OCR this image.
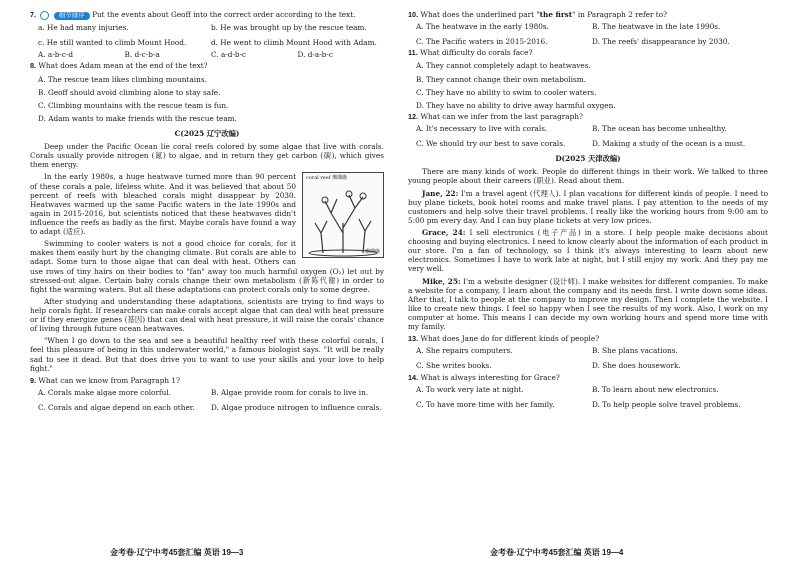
7.	细节排序 Put the events about Geoff into the correct order according to the text.
a. He had many injuries.	b. He was brought up by the rescue team.
c. He still wanted to climb Mount Hood.	d. He went to climb Mount Hood with Adam.
A. a-b-c-d	B. d-c-b-a	C. a-d-b-c	D. d-a-b-c
8. What does Adam mean at the end of the text?
A. The rescue team likes climbing mountains.
B. Geoff should avoid climbing alone to stay safe.
C. Climbing mountains with the rescue team is fun.
D. Adam wants to make friends with the rescue team.
C(2025 辽宁改编)

Deep under the Pacific Ocean lie coral reefs colored by some algae that live with corals. Corals usually provide nitrogen (氮) to algae, and in return they get carbon (碳), which gives them energy.

coral reef 珊瑚礁
珊瑚礁

In the early 1980s, a huge heatwave turned more than 90 percent of these corals a pale, lifeless white. And it was believed that about 50 percent of reefs with bleached corals might disappear by 2030. Heatwaves warmed up the same Pacific waters in the late 1990s and again in 2015-2016, but scientists noticed that these heatwaves didn't influence the reefs as badly as the first. Maybe corals have found a way to adapt (适应).

Swimming to cooler waters is not a good choice for corals, for it makes them easily hurt by the changing climate. But corals are able to adapt. Some turn to those algae that can deal with heat. Others can use rows of tiny hairs on their bodies to "fan" away too much harmful oxygen (O₂) let out by stressed-out algae. Certain baby corals change their own metabolism (新陈代谢) in order to fight the warming waters. But all these adaptations can protect corals only to some degree.

After studying and understanding these adaptations, scientists are trying to find ways to help corals fight. If researchers can make corals accept algae that can deal with heat pressure or if they energize genes (基因) that can deal with heat pressure, it will raise the corals' chance of living through future ocean heatwaves.

"When I go down to the sea and see a beautiful healthy reef with these colorful corals, I feel this pleasure of being in this underwater world," a famous biologist says. "It will be really sad to see it dead. But that does drive you to want to use your skills and your love to help fight."

9. What can we know from Paragraph 1?
A. Corals make algae more colorful.	B. Algae provide room for corals to live in.
C. Corals and algae depend on each other.	D. Algae produce nitrogen to influence corals.
金考卷·辽宁中考45套汇编 英语 19—3
10. What does the underlined part "the first" in Paragraph 2 refer to?
A. The heatwave in the early 1980s.	B. The heatwave in the late 1990s.
C. The Pacific waters in 2015-2016.	D. The reefs' disappearance by 2030.
11. What difficulty do corals face?
A. They cannot completely adapt to heatwaves.
B. They cannot change their own metabolism.
C. They have no ability to swim to cooler waters.
D. They have no ability to drive away harmful oxygen.
12. What can we infer from the last paragraph?
A. It's necessary to live with corals.	B. The ocean has become unhealthy.
C. We should try our best to save corals.	D. Making a study of the ocean is a must.
D(2025 天津改编)

There are many kinds of work. People do different things in their work. We talked to three young people about their careers (职业). Read about them.

Jane, 22: I'm a travel agent (代理人). I plan vacations for different kinds of people. I need to buy plane tickets, book hotel rooms and make travel plans. I pay attention to the needs of my customers and help solve their travel problems. I really like the working hours from 9:00 am to 5:00 pm every day. And I can buy plane tickets at very low prices.

Grace, 24: I sell electronics (电子产品) in a store. I help people make decisions about choosing and buying electronics. I need to know clearly about the information of each product in our store. I'm a fan of technology, so I think it's always interesting to learn about new electronics. Sometimes I have to work late at night, but I still enjoy my work. And they pay me very well.

Mike, 25: I'm a website designer (设计师). I make websites for different companies. To make a website for a company, I learn about the company and its needs first. I write down some ideas. After that, I talk to people at the company to improve my design. Then I complete the website. I like to create new things. I feel so happy when I see the results of my work. Also, I work on my computer at home. This means I can decide my own working hours and spend more time with my family.

13. What does Jane do for different kinds of people?
A. She repairs computers.	B. She plans vacations.
C. She writes books.	D. She does housework.
14. What is always interesting for Grace?
A. To work very late at night.	B. To learn about new electronics.
C. To have more time with her family.	D. To help people solve travel problems.
金考卷·辽宁中考45套汇编 英语 19—4
